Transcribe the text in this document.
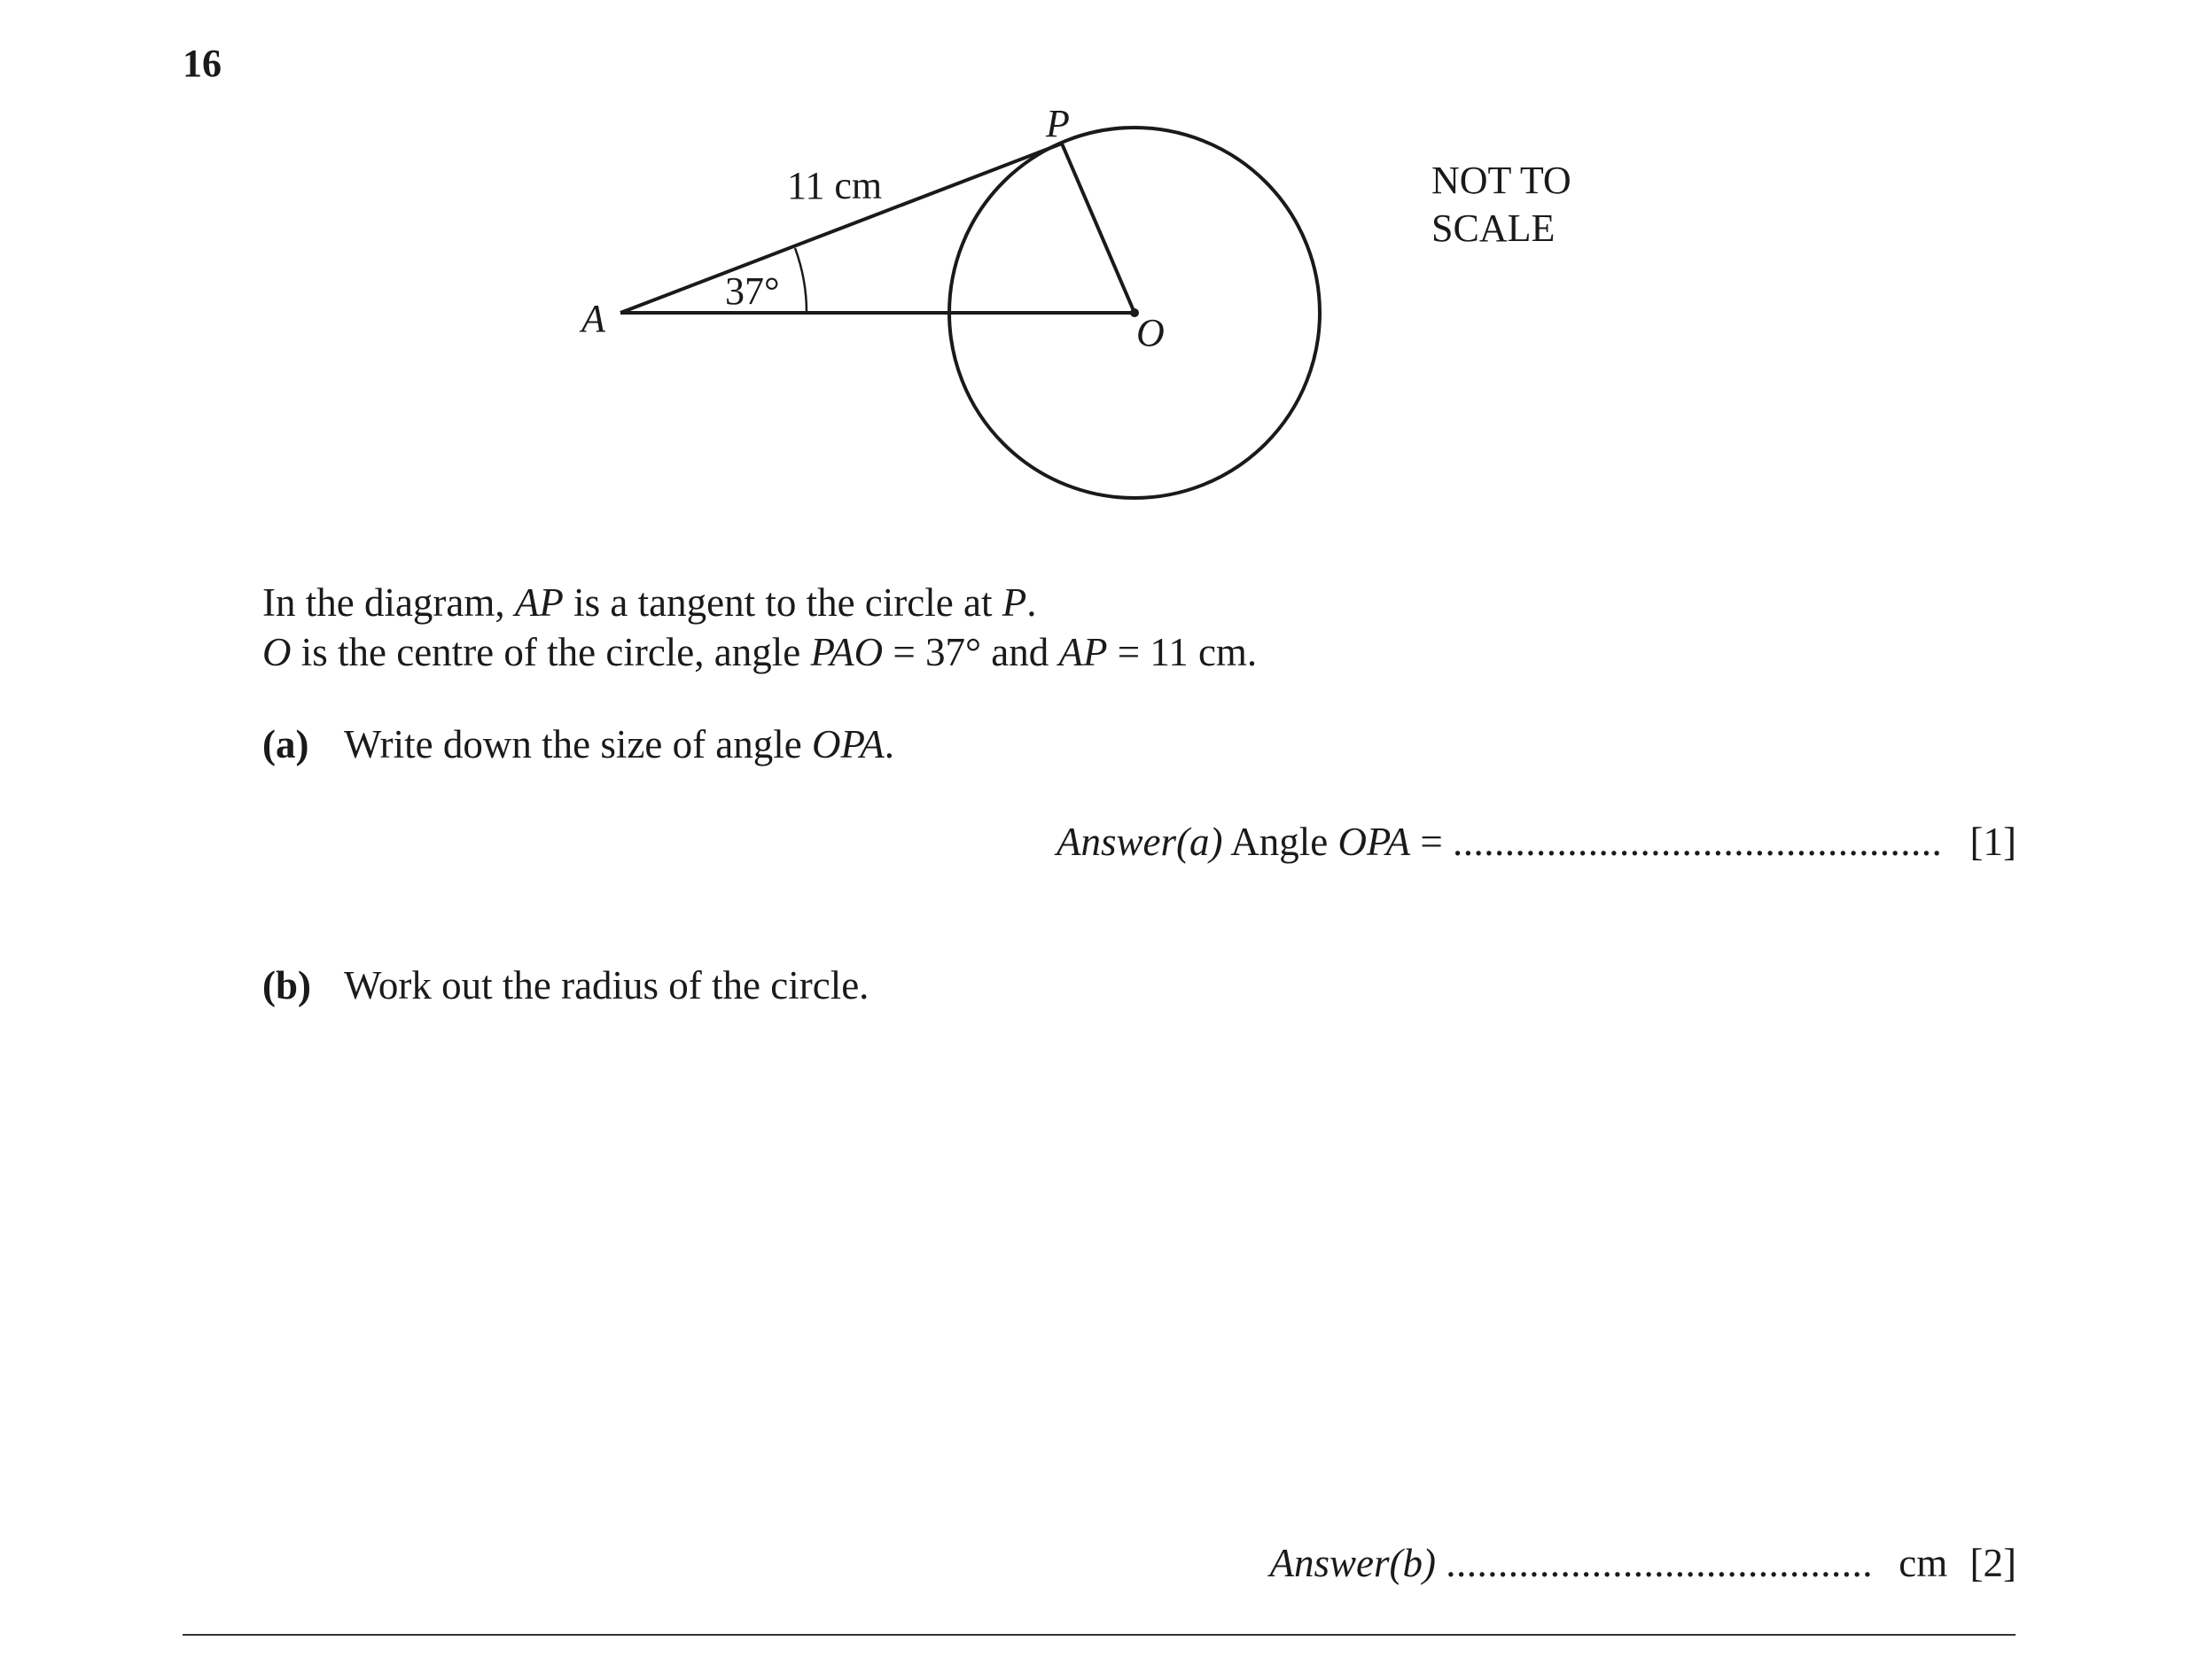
16
A
P
O
11 cm
37°
NOT TO
SCALE
In the diagram, AP is a tangent to the circle at P.
O is the centre of the circle, angle PAO = 37° and AP = 11 cm.
(a) Write down the size of angle OPA.
Answer(a) Angle OPA = ............................................... [1]
(b) Work out the radius of the circle.
Answer(b) ......................................... cm [2]
